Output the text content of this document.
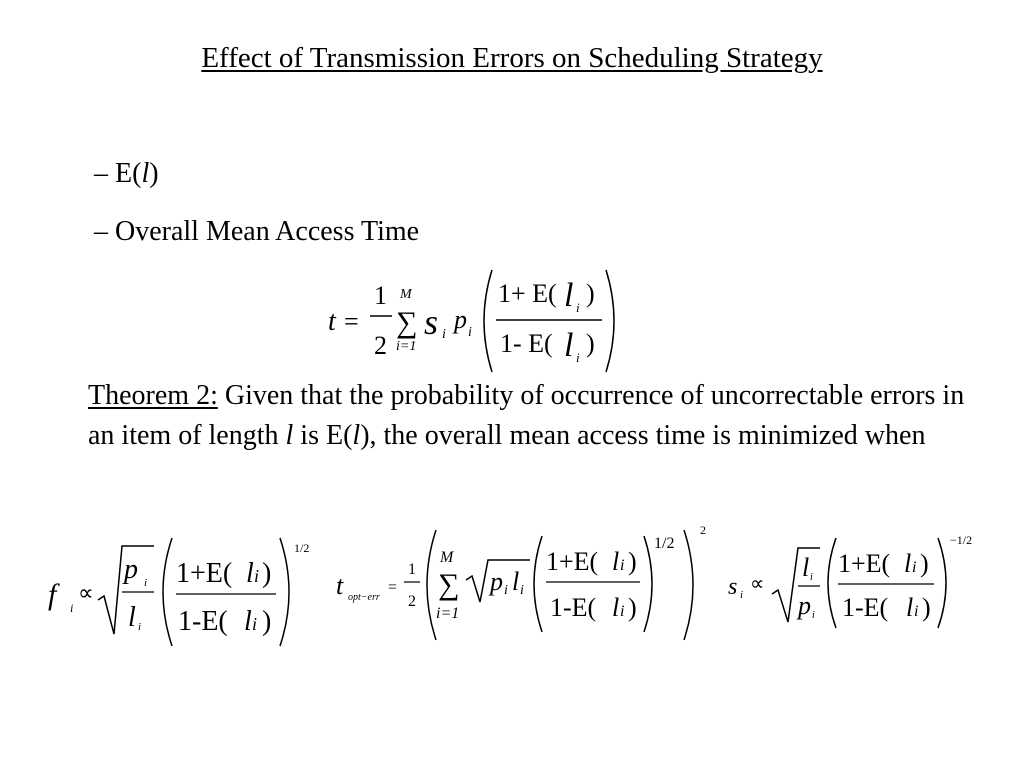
Effect of Transmission Errors on Scheduling Strategy
– E(l)
– Overall Mean Access Time
t =
1
2
M
∑
i=1
s i
p i
1+ E( l i )
1- E( l i )
Theorem 2: Given that the probability of occurrence of uncorrectable errors in an item of length l is E(l), the overall mean access time is minimized when
f	i
∝
p i
l i
1+E( l i )
1-E( l i )
1/2
t opt−err
=
1
2
M
∑
i=1
p i l i
1+E( l i )
1-E( l i )
1/2
2
s i ∝
l i
p i
1+E( l i )
1-E( l i )
−1/2
